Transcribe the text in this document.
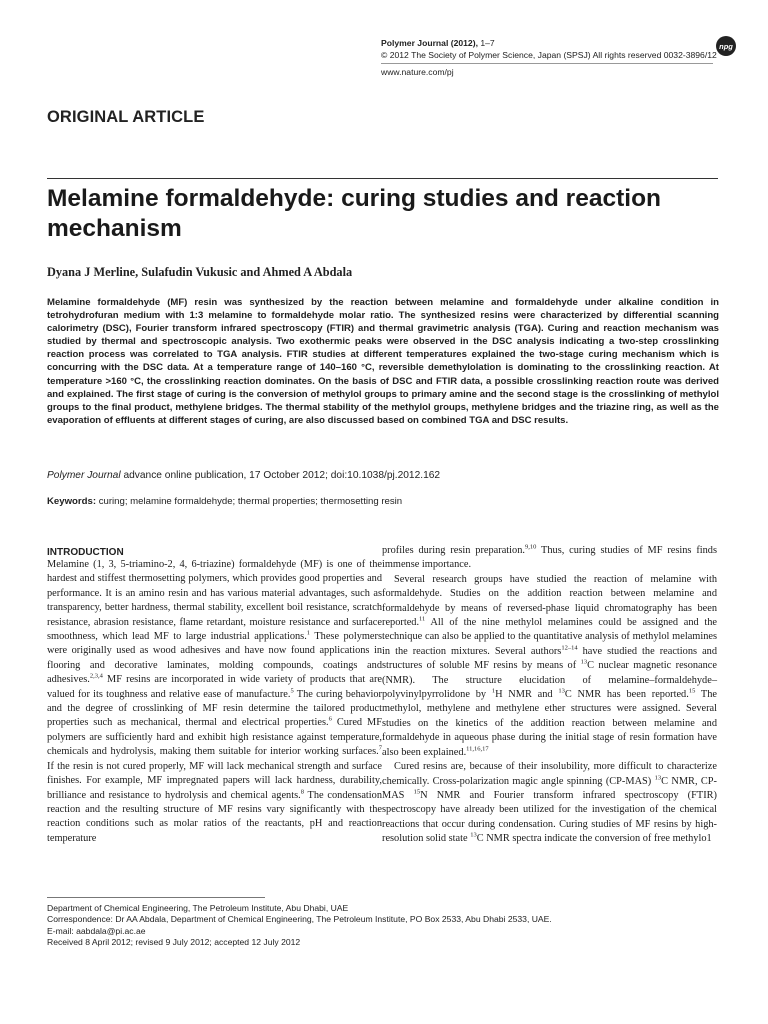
Polymer Journal (2012), 1–7
© 2012 The Society of Polymer Science, Japan (SPSJ) All rights reserved 0032-3896/12
www.nature.com/pj
npg
ORIGINAL ARTICLE
Melamine formaldehyde: curing studies and reaction mechanism
Dyana J Merline, Sulafudin Vukusic and Ahmed A Abdala
Melamine formaldehyde (MF) resin was synthesized by the reaction between melamine and formaldehyde under alkaline condition in tetrohydrofuran medium with 1:3 melamine to formaldehyde molar ratio. The synthesized resins were characterized by differential scanning calorimetry (DSC), Fourier transform infrared spectroscopy (FTIR) and thermal gravimetric analysis (TGA). Curing and reaction mechanism was studied by thermal and spectroscopic analysis. Two exothermic peaks were observed in the DSC analysis indicating a two-step crosslinking reaction process was correlated to TGA analysis. FTIR studies at different temperatures explained the two-stage curing mechanism which is concurring with the DSC data. At a temperature range of 140–160 °C, reversible demethylolation is dominating to the crosslinking reaction. At temperature >160 °C, the crosslinking reaction dominates. On the basis of DSC and FTIR data, a possible crosslinking reaction route was derived and explained. The first stage of curing is the conversion of methylol groups to primary amine and the second stage is the crosslinking of methylol groups to the final product, methylene bridges. The thermal stability of the methylol groups, methylene bridges and the triazine ring, as well as the evaporation of effluents at different stages of curing, are also discussed based on combined TGA and DSC results.
Polymer Journal advance online publication, 17 October 2012; doi:10.1038/pj.2012.162
Keywords: curing; melamine formaldehyde; thermal properties; thermosetting resin
INTRODUCTION

Melamine (1, 3, 5-triamino-2, 4, 6-triazine) formaldehyde (MF) is one of the hardest and stiffest thermosetting polymers, which provides good properties and performance. It is an amino resin and has various material advantages, such as transparency, better hardness, thermal stability, excellent boil resistance, scratch resistance, abrasion resistance, flame retardant, moisture resistance and surface smoothness, which lead MF to large industrial applications.$^1$ These polymers were originally used as wood adhesives and have now found applications in flooring and decorative laminates, molding compounds, coatings and adhesives.$^{2,3,4}$ MF resins are incorporated in wide variety of products that are valued for its toughness and relative ease of manufacture.$^5$ The curing behavior and the degree of crosslinking of MF resin determine the tailored product properties such as mechanical, thermal and electrical properties.$^6$ Cured MF polymers are sufficiently hard and exhibit high resistance against temperature, chemicals and hydrolysis, making them suitable for interior working surfaces.$^7$ If the resin is not cured properly, MF will lack mechanical strength and surface finishes. For example, MF impregnated papers will lack hardness, durability, brilliance and resistance to hydrolysis and chemical agents.$^8$ The condensation reaction and the resulting structure of MF resins vary significantly with the reaction conditions such as molar ratios of the reactants, pH and reaction temperature

profiles during resin preparation.$^{9,10}$ Thus, curing studies of MF resins finds immense importance.

Several research groups have studied the reaction of melamine with formaldehyde. Studies on the addition reaction between melamine and formaldehyde by means of reversed-phase liquid chromatography has been reported.$^{11}$ All of the nine methylol melamines could be assigned and the technique can also be applied to the quantitative analysis of methylol melamines in the reaction mixtures. Several authors$^{12-14}$ have studied the reactions and structures of soluble MF resins by means of $^{13}$C nuclear magnetic resonance (NMR). The structure elucidation of melamine–formaldehyde–polyvinylpyrrolidone by $^1$H NMR and $^{13}$C NMR has been reported.$^{15}$ The methylol, methylene and methylene ether structures were assigned. Several studies on the kinetics of the addition reaction between melamine and formaldehyde in aqueous phase during the initial stage of resin formation have also been explained.$^{11,16,17}$

Cured resins are, because of their insolubility, more difficult to characterize chemically. Cross-polarization magic angle spinning (CP-MAS) $^{13}$C NMR, CP-MAS $^{15}$N NMR and Fourier transform infrared spectroscopy (FTIR) spectroscopy have already been utilized for the investigation of the chemical reactions that occur during condensation. Curing studies of MF resins by high-resolution solid state $^{13}$C NMR spectra indicate the conversion of free methylo1

Department of Chemical Engineering, The Petroleum Institute, Abu Dhabi, UAE
Correspondence: Dr AA Abdala, Department of Chemical Engineering, The Petroleum Institute, PO Box 2533, Abu Dhabi 2533, UAE.
E-mail: aabdala@pi.ac.ae
Received 8 April 2012; revised 9 July 2012; accepted 12 July 2012
